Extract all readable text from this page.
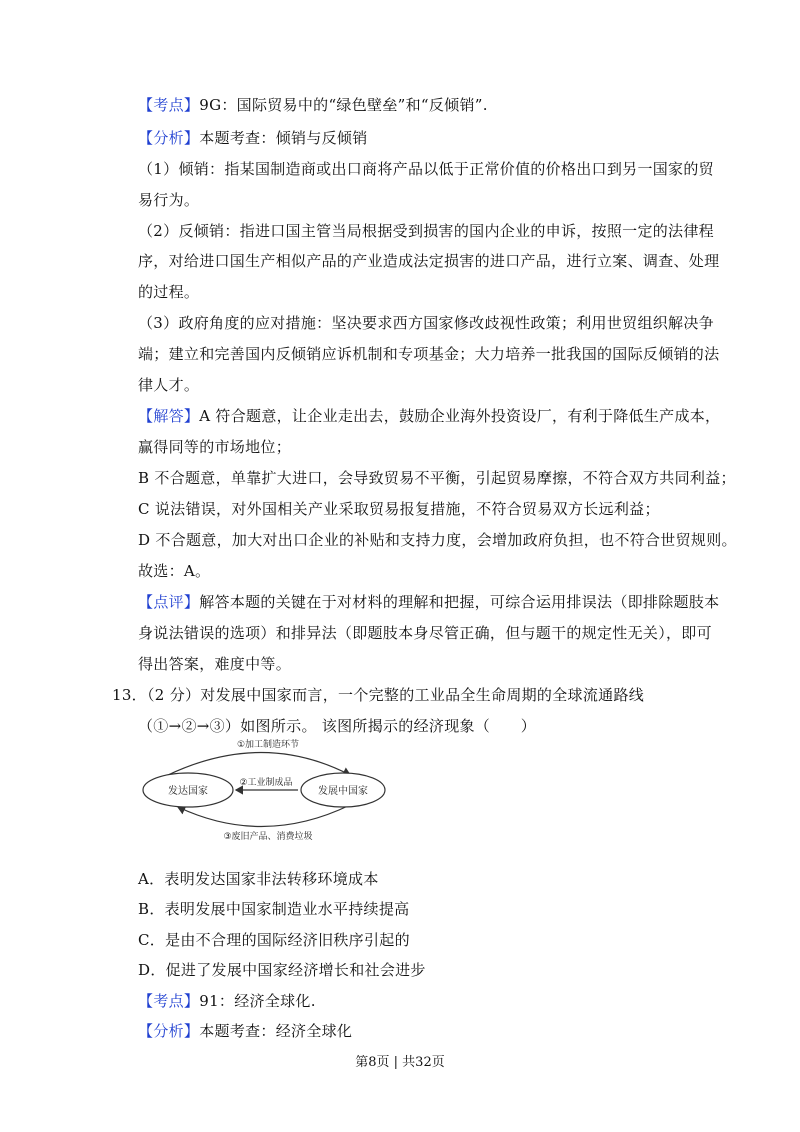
【考点】9G：国际贸易中的“绿色壁垒”和“反倾销”.
【分析】本题考查：倾销与反倾销
（1）倾销：指某国制造商或出口商将产品以低于正常价值的价格出口到另一国家的贸
易行为。
（2）反倾销：指进口国主管当局根据受到损害的国内企业的申诉，按照一定的法律程
序，对给进口国生产相似产品的产业造成法定损害的进口产品，进行立案、调查、处理
的过程。
（3）政府角度的应对措施：坚决要求西方国家修改歧视性政策；利用世贸组织解决争
端；建立和完善国内反倾销应诉机制和专项基金；大力培养一批我国的国际反倾销的法
律人才。
【解答】A 符合题意，让企业走出去，鼓励企业海外投资设厂，有利于降低生产成本，
赢得同等的市场地位；
B 不合题意，单靠扩大进口，会导致贸易不平衡，引起贸易摩擦，不符合双方共同利益；
C 说法错误，对外国相关产业采取贸易报复措施，不符合贸易双方长远利益；
D 不合题意，加大对出口企业的补贴和支持力度，会增加政府负担，也不符合世贸规则。
故选：A。
【点评】解答本题的关键在于对材料的理解和把握，可综合运用排误法（即排除题肢本
身说法错误的选项）和排异法（即题肢本身尽管正确，但与题干的规定性无关），即可
得出答案，难度中等。
13．（2 分）对发展中国家而言，一个完整的工业品全生命周期的全球流通路线
（①→②→③）如图所示。 该图所揭示的经济现象（　　）
发达国家	发展中国家
①加工制造环节
②工业制成品
③废旧产品、消费垃圾
A．表明发达国家非法转移环境成本
B．表明发展中国家制造业水平持续提高
C．是由不合理的国际经济旧秩序引起的
D．促进了发展中国家经济增长和社会进步
【考点】91：经济全球化.
【分析】本题考查：经济全球化
第8页 | 共32页
